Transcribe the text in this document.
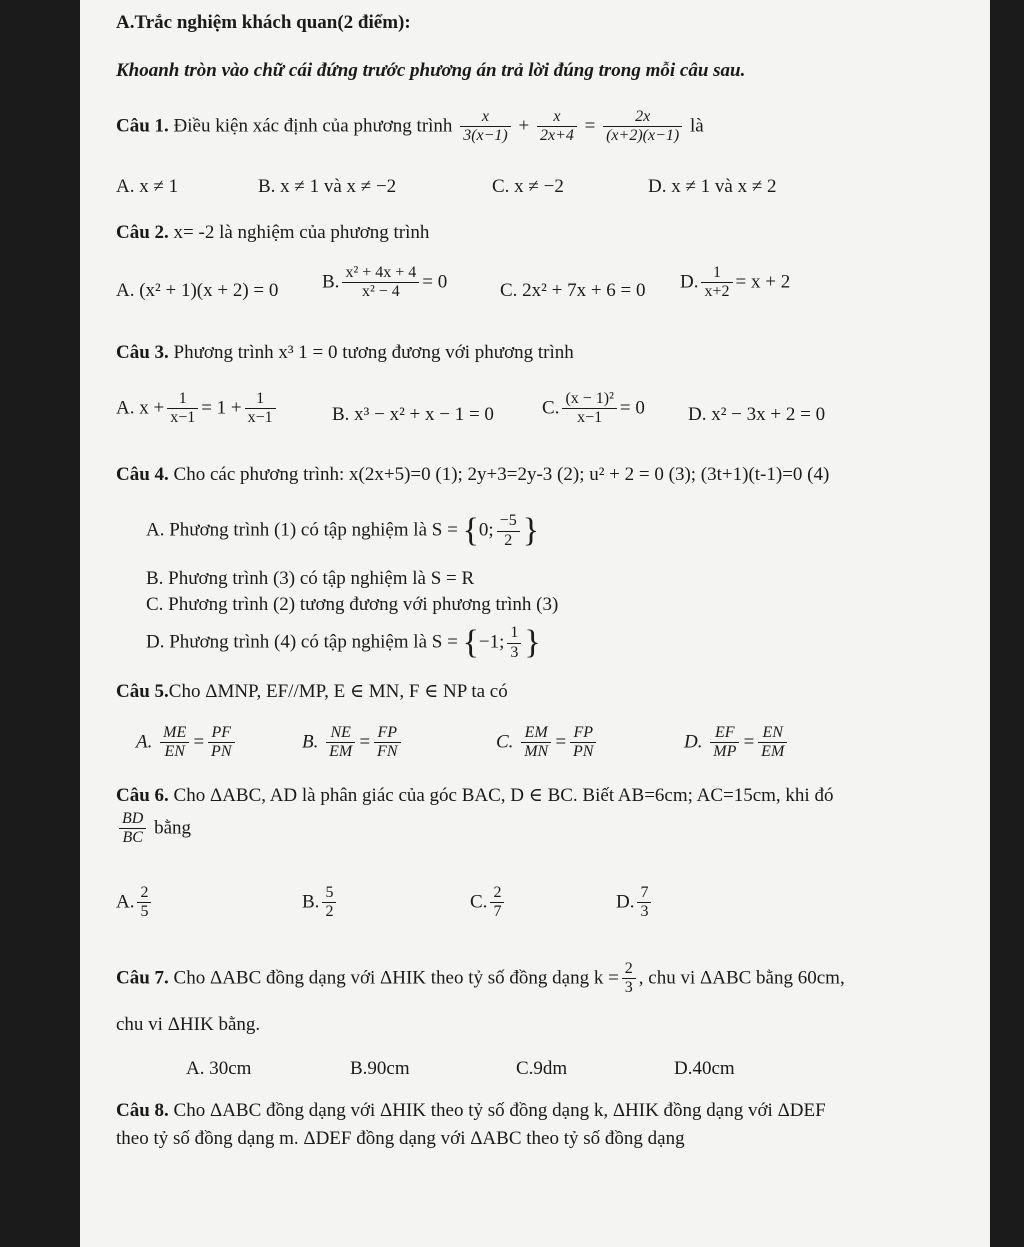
A.Trắc nghiệm khách quan(2 điểm):
Khoanh tròn vào chữ cái đứng trước phương án trả lời đúng trong mỗi câu sau.
Câu 1. Điều kiện xác định của phương trình $\frac{x}{3(x-1)} + \frac{x}{2x+4} = \frac{2x}{(x+2)(x-1)}$ là
A. x ≠ 1	B. x ≠ 1 và x ≠ −2	C. x ≠ −2	D. x ≠ 1 và x ≠ 2
Câu 2. x= -2 là nghiệm của phương trình
A. (x² + 1)(x + 2) = 0 B. $\frac{\text{x² + 4x + 4}}{\text{x² − 4}} = 0$	C. 2x² + 7x + 6 = 0 D. $\frac{1}{x+2} = x + 2$
Câu 3. Phương trình x³ 1 = 0 tương đương với phương trình
A. $x + \frac{1}{x-1} = 1 + \frac{1}{x-1}$	B. x³ − x² + x − 1 = 0	C. $\frac{\text{(x − 1)²}}{x-1} = 0$ D. x² − 3x + 2 = 0
Câu 4. Cho các phương trình: x(2x+5)=0 (1); 2y+3=2y-3 (2); u² + 2 = 0 (3); (3t+1)(t-1)=0 (4)
A. Phương trình (1) có tập nghiệm là S = {0; $\frac{-5}{2}$ }
B. Phương trình (3) có tập nghiệm là S = R
C. Phương trình (2) tương đương với phương trình (3)
D. Phương trình (4) có tập nghiệm là S = {−1; $\frac{1}{3}$ }
Câu 5.Cho ΔMNP, EF//MP, E ∈ MN, F ∈ NP ta có
A. $\frac{ME}{EN} = \frac{PF}{PN}$	B. $\frac{NE}{EM} = \frac{FP}{FN}$	C. $\frac{EM}{MN} = \frac{FP}{PN}$	D. $\frac{EF}{MP} = \frac{EN}{EM}$
Câu 6. Cho ΔABC, AD là phân giác của góc BAC, D ∈ BC. Biết AB=6cm; AC=15cm, khi đó
$\frac{BD}{BC}$ bằng
A. $\frac{2}{5}$	B. $\frac{5}{2}$	C. $\frac{2}{7}$	D. $\frac{7}{3}$
Câu 7. Cho ΔABC đồng dạng với ΔHIK theo tỷ số đồng dạng $k = \frac{2}{3}$ , chu vi ΔABC bằng 60cm,
chu vi ΔHIK bằng.
A. 30cm	B.90cm	C.9dm	D.40cm
Câu 8. Cho ΔABC đồng dạng với ΔHIK theo tỷ số đồng dạng k, ΔHIK đồng dạng với ΔDEF
theo tỷ số đồng dạng m. ΔDEF đồng dạng với ΔABC theo tỷ số đồng dạng
